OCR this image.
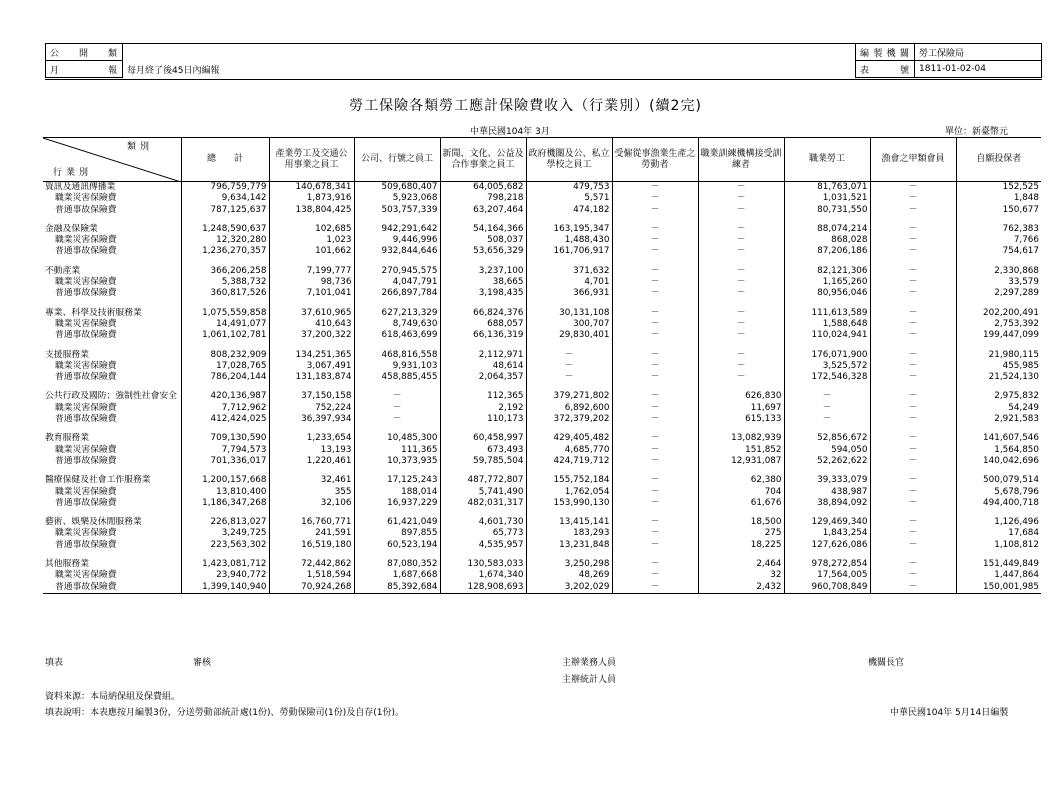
公開類	
月報	每月終了後45日內編報
編製機關	勞工保險局
表號	1811-01-02-04
勞工保險各類勞工應計保險費收入（行業別）(續2完)
中華民國104年 3月	單位：新臺幣元
類別
行業別	總　　計	產業勞工及交通公用事業之員工	公司、行號之員工	新聞、文化、公益及合作事業之員工	政府機關及公、私立學校之員工	受僱從事漁業生產之勞動者	職業訓練機構接受訓練者	職業勞工	漁會之甲類會員	自願投保者
資訊及通訊傳播業	796,759,779	140,678,341	509,680,407	64,005,682	479,753	－	－	81,763,071	－	152,525
職業災害保險費	9,634,142	1,873,916	5,923,068	798,218	5,571	－	－	1,031,521	－	1,848
普通事故保險費	787,125,637	138,804,425	503,757,339	63,207,464	474,182	－	－	80,731,550	－	150,677

金融及保險業	1,248,590,637	102,685	942,291,642	54,164,366	163,195,347	－	－	88,074,214	－	762,383
職業災害保險費	12,320,280	1,023	9,446,996	508,037	1,488,430	－	－	868,028	－	7,766
普通事故保險費	1,236,270,357	101,662	932,844,646	53,656,329	161,706,917	－	－	87,206,186	－	754,617

不動產業	366,206,258	7,199,777	270,945,575	3,237,100	371,632	－	－	82,121,306	－	2,330,868
職業災害保險費	5,388,732	98,736	4,047,791	38,665	4,701	－	－	1,165,260	－	33,579
普通事故保險費	360,817,526	7,101,041	266,897,784	3,198,435	366,931	－	－	80,956,046	－	2,297,289

專業、科學及技術服務業	1,075,559,858	37,610,965	627,213,329	66,824,376	30,131,108	－	－	111,613,589	－	202,200,491
職業災害保險費	14,491,077	410,643	8,749,630	688,057	300,707	－	－	1,588,648	－	2,753,392
普通事故保險費	1,061,102,781	37,200,322	618,463,699	66,136,319	29,830,401	－	－	110,024,941	－	199,447,099

支援服務業	808,232,909	134,251,365	468,816,558	2,112,971	－	－	－	176,071,900	－	21,980,115
職業災害保險費	17,028,765	3,067,491	9,931,103	48,614	－	－	－	3,525,572	－	455,985
普通事故保險費	786,204,144	131,183,874	458,885,455	2,064,357	－	－	－	172,546,328	－	21,524,130

公共行政及國防；強制性社會安全	420,136,987	37,150,158	－	112,365	379,271,802	－	626,830	－	－	2,975,832
職業災害保險費	7,712,962	752,224	－	2,192	6,892,600	－	11,697	－	－	54,249
普通事故保險費	412,424,025	36,397,934	－	110,173	372,379,202	－	615,133	－	－	2,921,583

教育服務業	709,130,590	1,233,654	10,485,300	60,458,997	429,405,482	－	13,082,939	52,856,672	－	141,607,546
職業災害保險費	7,794,573	13,193	111,365	673,493	4,685,770	－	151,852	594,050	－	1,564,850
普通事故保險費	701,336,017	1,220,461	10,373,935	59,785,504	424,719,712	－	12,931,087	52,262,622	－	140,042,696

醫療保健及社會工作服務業	1,200,157,668	32,461	17,125,243	487,772,807	155,752,184	－	62,380	39,333,079	－	500,079,514
職業災害保險費	13,810,400	355	188,014	5,741,490	1,762,054	－	704	438,987	－	5,678,796
普通事故保險費	1,186,347,268	32,106	16,937,229	482,031,317	153,990,130	－	61,676	38,894,092	－	494,400,718

藝術、娛樂及休閒服務業	226,813,027	16,760,771	61,421,049	4,601,730	13,415,141	－	18,500	129,469,340	－	1,126,496
職業災害保險費	3,249,725	241,591	897,855	65,773	183,293	－	275	1,843,254	－	17,684
普通事故保險費	223,563,302	16,519,180	60,523,194	4,535,957	13,231,848	－	18,225	127,626,086	－	1,108,812

其他服務業	1,423,081,712	72,442,862	87,080,352	130,583,033	3,250,298	－	2,464	978,272,854	－	151,449,849
職業災害保險費	23,940,772	1,518,594	1,687,668	1,674,340	48,269	－	32	17,564,005	－	1,447,864
普通事故保險費	1,399,140,940	70,924,268	85,392,684	128,908,693	3,202,029	－	2,432	960,708,849	－	150,001,985
填表	審核	主辦業務人員	機關長官
主辦統計人員
資料來源：本局納保組及保費組。
填表說明：本表應按月編製3份，分送勞動部統計處(1份)、勞動保險司(1份)及自存(1份)。	中華民國104年 5月14日編製
